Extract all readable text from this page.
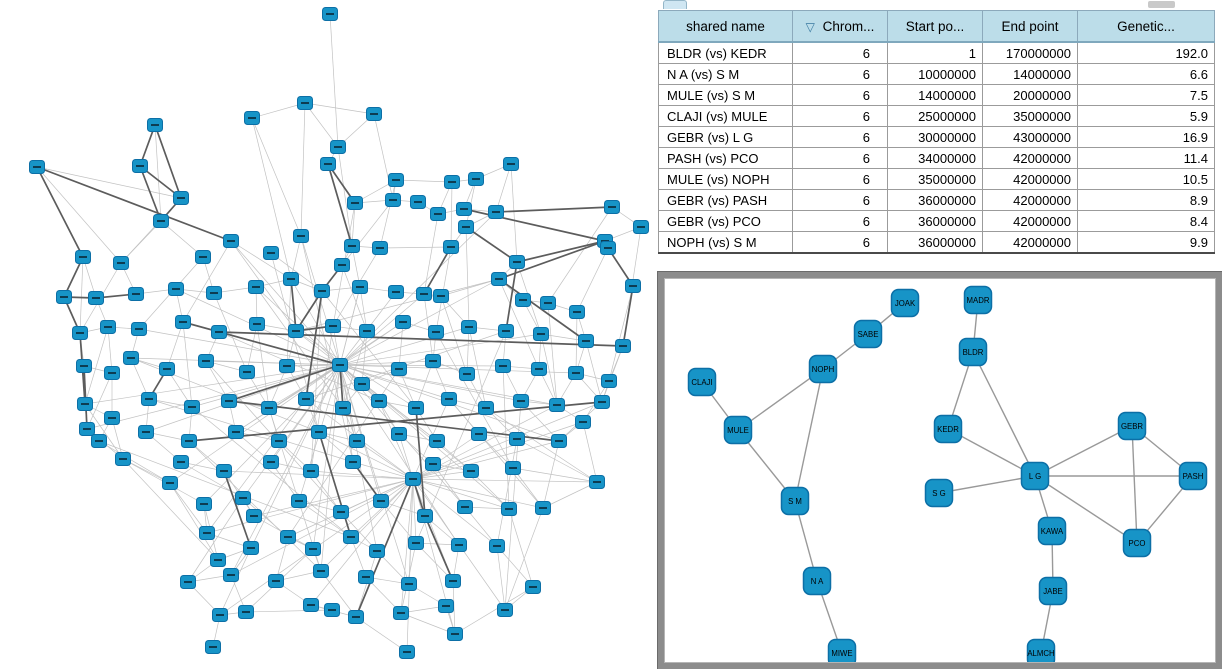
shared name	▽ Chrom...	Start po...	End point	Genetic...
BLDR (vs) KEDR	6	1	170000000	192.0
N A (vs) S M	6	10000000	14000000	6.6
MULE (vs) S M	6	14000000	20000000	7.5
CLAJI (vs) MULE	6	25000000	35000000	5.9
GEBR (vs) L G	6	30000000	43000000	16.9
PASH (vs) PCO	6	34000000	42000000	11.4
MULE (vs) NOPH	6	35000000	42000000	10.5
GEBR (vs) PASH	6	36000000	42000000	8.9
GEBR (vs) PCO	6	36000000	42000000	8.4
NOPH (vs) S M	6	36000000	42000000	9.9
JOAK	MADR
SABE
NOPH
BLDR
CLAJI
MULE	KEDR	GEBR
L G
S G
PASH
KAWA
PCO
JABE
ALMCH
N A
MIWE
S M
